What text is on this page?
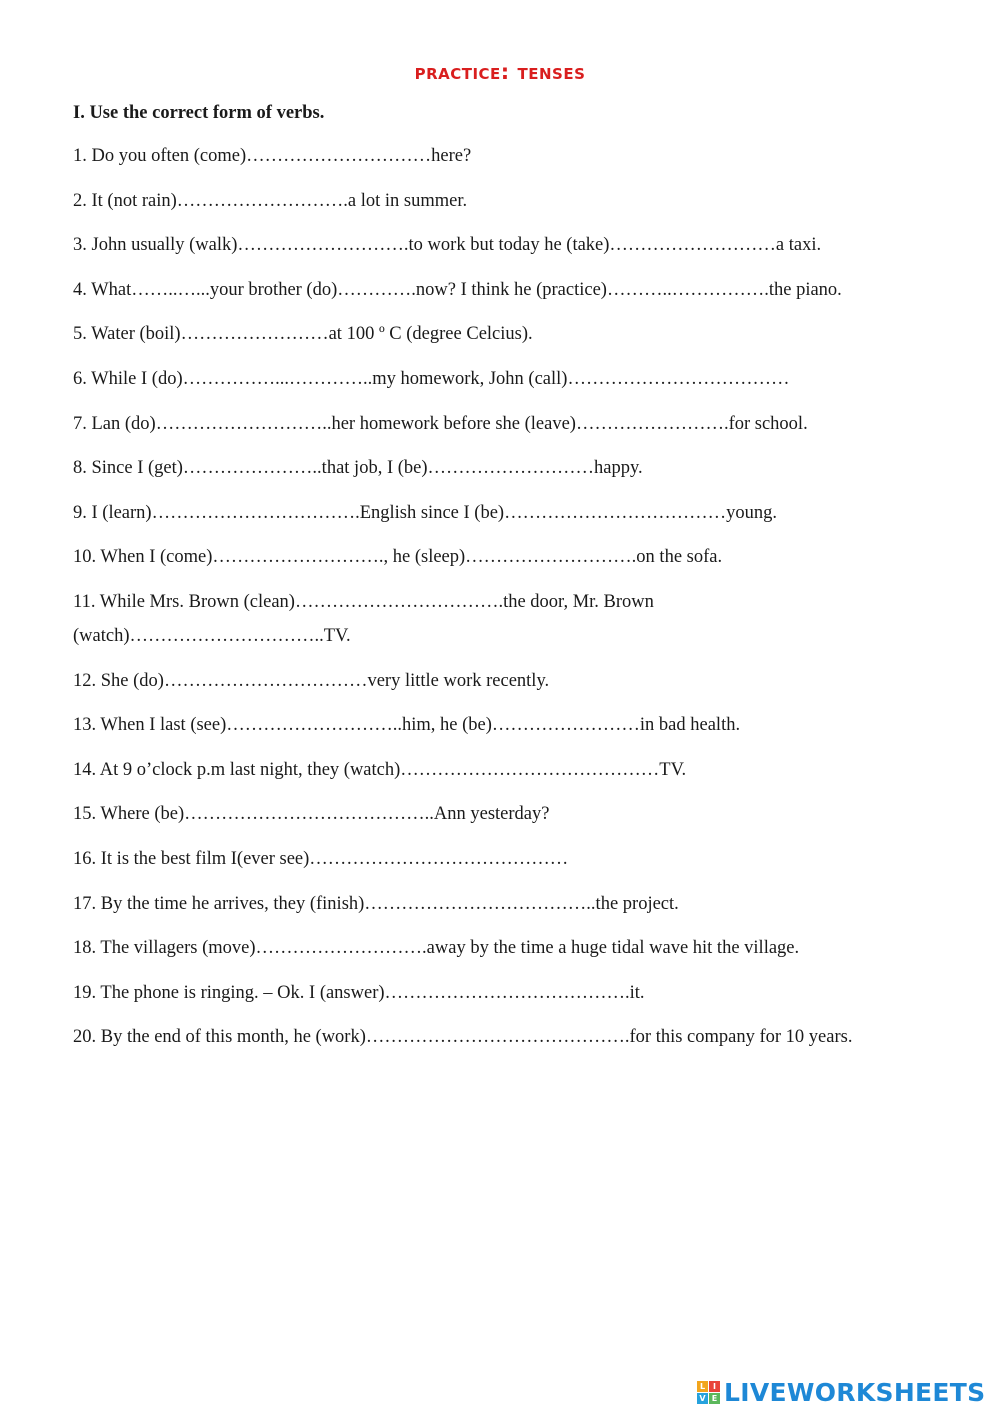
practice: tenses
I. Use the correct form of verbs.
1. Do you often (come)…………………………here?
2. It (not rain)……………………….a lot in summer.
3. John usually (walk)……………………….to work but today he (take)………………………a taxi.
4. What……..…...your brother (do)………….now? I think he (practice)………..…………….the piano.
5. Water (boil)……………………at 100 º C (degree Celcius).
6. While I (do)……………...…………..my homework, John (call)………………………………
7. Lan (do)………………………..her homework before she (leave)…………………….for school.
8. Since I (get)…………………..that job, I (be)………………………happy.
9. I (learn)…………………………….English since I (be)………………………………young.
10. When I (come)………………………., he (sleep)……………………….on the sofa.
11. While Mrs. Brown (clean)…………………………….the door, Mr. Brown (watch)…………………………..TV.
12. She (do)……………………………very little work recently.
13. When I last (see)………………………..him, he (be)……………………in bad health.
14. At 9 o’clock p.m last night, they (watch)……………………………………TV.
15. Where (be)…………………………………..Ann yesterday?
16. It is the best film I(ever see)……………………………………
17. By the time he arrives, they (finish)………………………………..the project.
18. The villagers (move)……………………….away by the time a huge tidal wave hit the village.
19. The phone is ringing. – Ok. I (answer)………………………………….it.
20. By the end of this month, he (work)…………………………………….for this company for 10 years.
L I
V E LIVEWORKSHEETS
